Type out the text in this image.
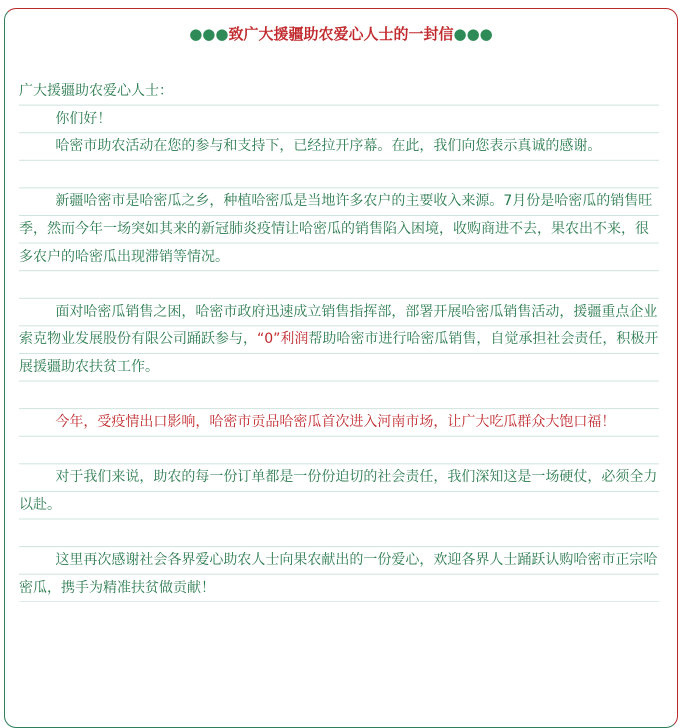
●●●致广大援疆助农爱心人士的一封信●●●

广大援疆助农爱心人士：

你们好！

哈密市助农活动在您的参与和支持下，已经拉开序幕。在此，我们向您表示真诚的感谢。

新疆哈密市是哈密瓜之乡，种植哈密瓜是当地许多农户的主要收入来源。7月份是哈密瓜的销售旺季，然而今年一场突如其来的新冠肺炎疫情让哈密瓜的销售陷入困境，收购商进不去，果农出不来，很多农户的哈密瓜出现滞销等情况。

面对哈密瓜销售之困，哈密市政府迅速成立销售指挥部，部署开展哈密瓜销售活动，援疆重点企业索克物业发展股份有限公司踊跃参与，“0”利润帮助哈密市进行哈密瓜销售，自觉承担社会责任，积极开展援疆助农扶贫工作。

今年，受疫情出口影响，哈密市贡品哈密瓜首次进入河南市场，让广大吃瓜群众大饱口福！

对于我们来说，助农的每一份订单都是一份份迫切的社会责任，我们深知这是一场硬仗，必须全力以赴。

这里再次感谢社会各界爱心助农人士向果农献出的一份爱心，欢迎各界人士踊跃认购哈密市正宗哈密瓜，携手为精准扶贫做贡献！
